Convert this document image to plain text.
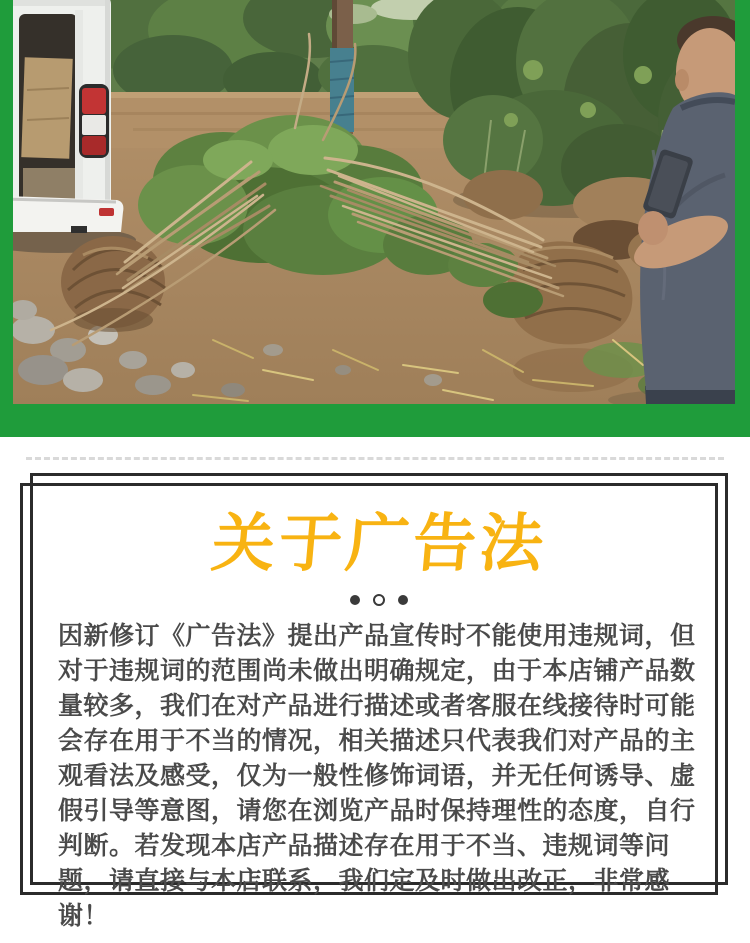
关于广告法

因新修订《广告法》提出产品宣传时不能使用违规词，但对于违规词的范围尚未做出明确规定，由于本店铺产品数量较多，我们在对产品进行描述或者客服在线接待时可能会存在用于不当的情况，相关描述只代表我们对产品的主观看法及感受，仅为一般性修饰词语，并无任何诱导、虚假引导等意图，请您在浏览产品时保持理性的态度，自行判断。若发现本店产品描述存在用于不当、违规词等问题，请直接与本店联系，我们定及时做出改正，非常感谢！
